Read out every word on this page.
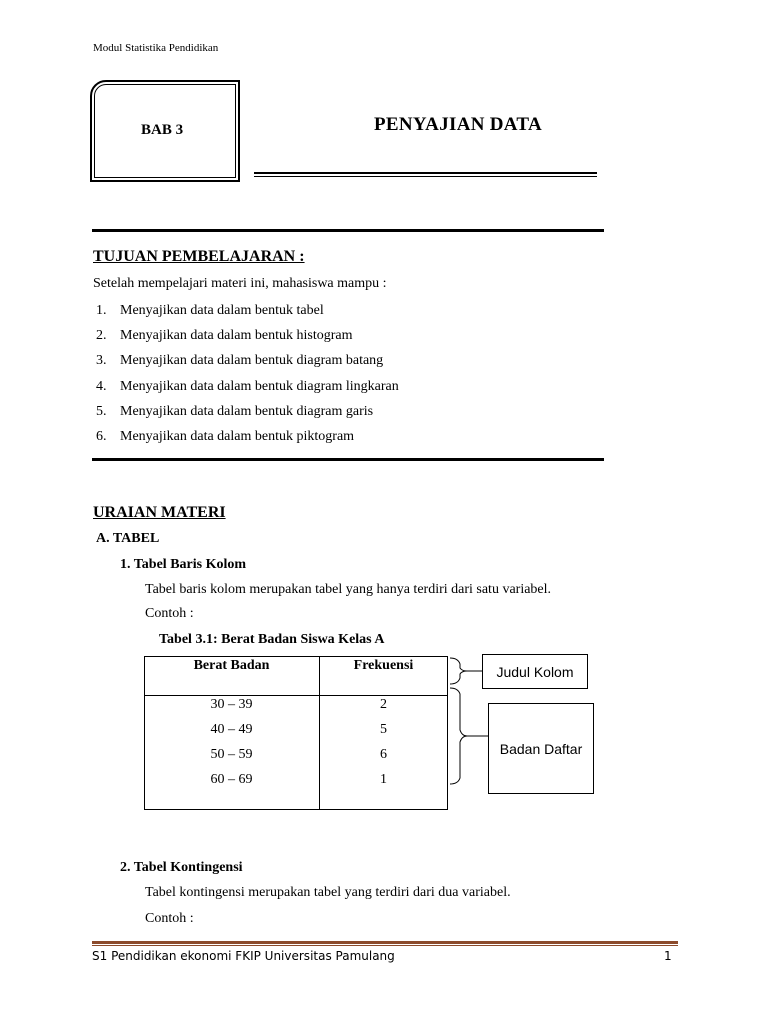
Modul Statistika Pendidikan
BAB 3	PENYAJIAN DATA
TUJUAN PEMBELAJARAN :
Setelah mempelajari materi ini, mahasiswa mampu :
1. Menyajikan data dalam bentuk tabel
2. Menyajikan data dalam bentuk histogram
3. Menyajikan data dalam bentuk diagram batang
4. Menyajikan data dalam bentuk diagram lingkaran
5. Menyajikan data dalam bentuk diagram garis
6. Menyajikan data dalam bentuk piktogram
URAIAN MATERI
A. TABEL
1. Tabel Baris Kolom
Tabel baris kolom merupakan tabel yang hanya terdiri dari satu variabel.
Contoh :
Tabel 3.1: Berat Badan Siswa Kelas A
Berat Badan	Frekuensi
30 – 39	2
40 – 49	5
50 – 59	6
60 – 69	1
Judul Kolom
Badan Daftar
2. Tabel Kontingensi
Tabel kontingensi merupakan tabel yang terdiri dari dua variabel.
Contoh :
S1 Pendidikan ekonomi FKIP Universitas Pamulang	1
